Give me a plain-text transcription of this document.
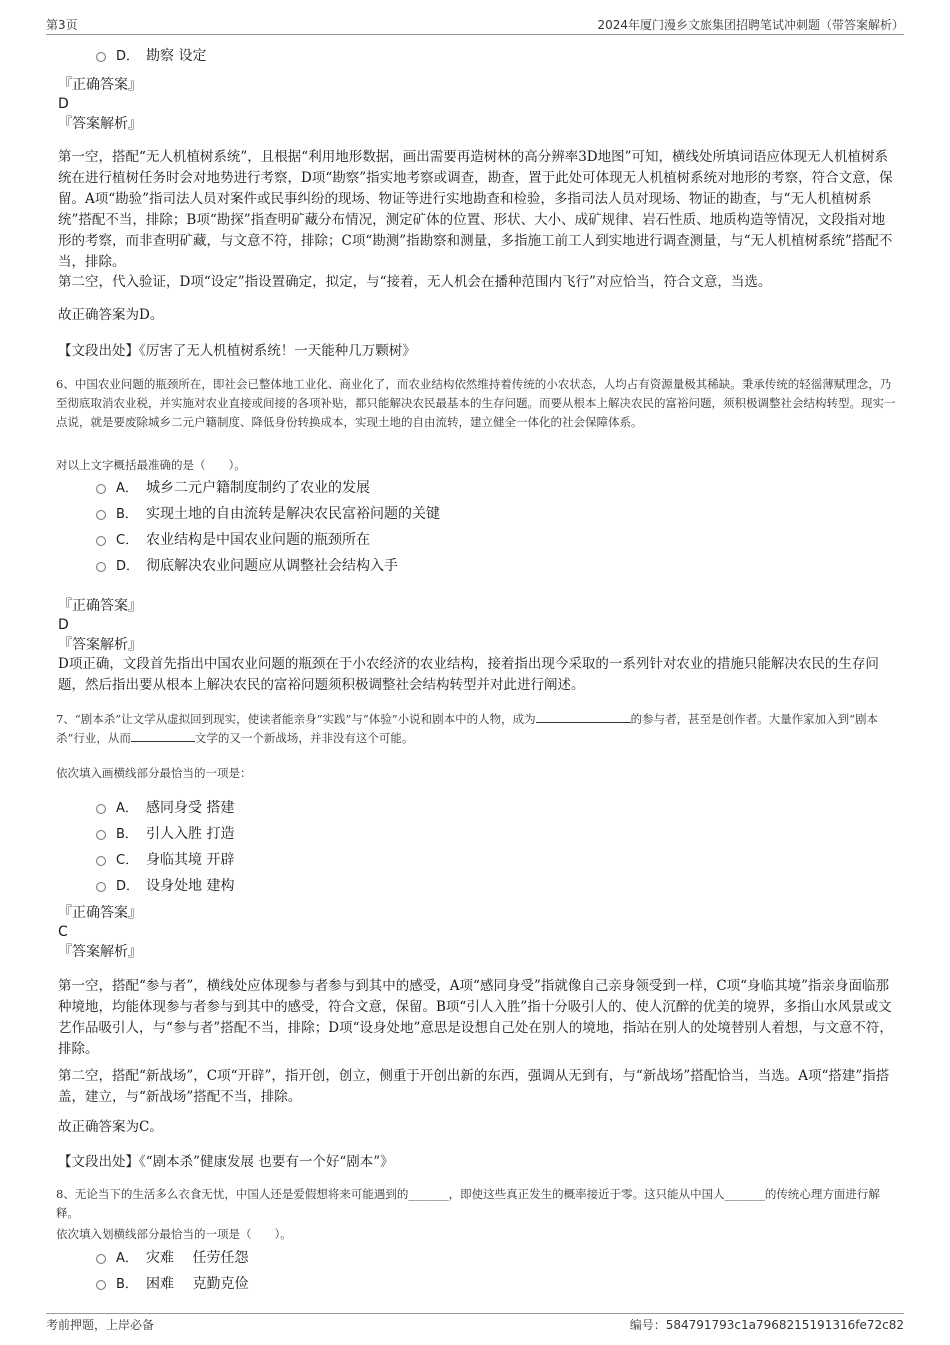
第3页	2024年厦门漫乡文旅集团招聘笔试冲刺题（带答案解析）
D． 勘察 设定
『正确答案』
D
『答案解析』

第一空，搭配“无人机植树系统”，且根据“利用地形数据，画出需要再造树林的高分辨率3D地图”可知，横线处所填词语应体现无人机植树系统在进行植树任务时会对地势进行考察，D项“勘察”指实地考察或调查，勘查，置于此处可体现无人机植树系统对地形的考察，符合文意，保留。A项“勘验”指司法人员对案件或民事纠纷的现场、物证等进行实地勘查和检验，多指司法人员对现场、物证的勘查，与“无人机植树系统”搭配不当，排除；B项“勘探”指查明矿藏分布情况，测定矿体的位置、形状、大小、成矿规律、岩石性质、地质构造等情况，文段指对地形的考察，而非查明矿藏，与文意不符，排除；C项“勘测”指勘察和测量，多指施工前工人到实地进行调查测量，与“无人机植树系统”搭配不当，排除。

第二空，代入验证，D项“设定”指设置确定，拟定，与“接着，无人机会在播种范围内飞行”对应恰当，符合文意，当选。

故正确答案为D。

【文段出处】《厉害了无人机植树系统！一天能种几万颗树》
6、中国农业问题的瓶颈所在，即社会已整体地工业化、商业化了，而农业结构依然维持着传统的小农状态，人均占有资源量极其稀缺。秉承传统的轻徭薄赋理念，乃至彻底取消农业税，并实施对农业直接或间接的各项补贴，都只能解决农民最基本的生存问题。而要从根本上解决农民的富裕问题，须积极调整社会结构转型。现实一点说，就是要废除城乡二元户籍制度、降低身份转换成本，实现土地的自由流转，建立健全一体化的社会保障体系。
对以上文字概括最准确的是（　　）。
A． 城乡二元户籍制度制约了农业的发展
B． 实现土地的自由流转是解决农民富裕问题的关键
C． 农业结构是中国农业问题的瓶颈所在
D． 彻底解决农业问题应从调整社会结构入手
『正确答案』
D
『答案解析』

D项正确，文段首先指出中国农业问题的瓶颈在于小农经济的农业结构，接着指出现今采取的一系列针对农业的措施只能解决农民的生存问题，然后指出要从根本上解决农民的富裕问题须积极调整社会结构转型并对此进行阐述。

7、“剧本杀”让文学从虚拟回到现实，使读者能亲身“实践”与“体验”小说和剧本中的人物，成为	的参与者，甚至是创作者。大量作家加入到“剧本杀”行业，从而	文学的又一个新战场，并非没有这个可能。
依次填入画横线部分最恰当的一项是：
A． 感同身受 搭建
B． 引人入胜 打造
C． 身临其境 开辟
D． 设身处地 建构
『正确答案』
C
『答案解析』

第一空，搭配“参与者”，横线处应体现参与者参与到其中的感受，A项“感同身受”指就像自己亲身领受到一样，C项“身临其境”指亲身面临那种境地，均能体现参与者参与到其中的感受，符合文意，保留。B项“引人入胜”指十分吸引人的、使人沉醉的优美的境界，多指山水风景或文艺作品吸引人，与“参与者”搭配不当，排除；D项“设身处地”意思是设想自己处在别人的境地，指站在别人的处境替别人着想，与文意不符，排除。

第二空，搭配“新战场”，C项“开辟”，指开创，创立，侧重于开创出新的东西，强调从无到有，与“新战场”搭配恰当，当选。A项“搭建”指搭盖，建立，与“新战场”搭配不当，排除。

故正确答案为C。

【文段出处】《“剧本杀”健康发展 也要有一个好“剧本”》
8、无论当下的生活多么衣食无忧，中国人还是爱假想将来可能遇到的_______，即使这些真正发生的概率接近于零。这只能从中国人_______的传统心理方面进行解释。
依次填入划横线部分最恰当的一项是（　　）。
A． 灾难　 任劳任怨
B． 困难　 克勤克俭
考前押题，上岸必备	编号：584791793c1a7968215191316fe72c82
